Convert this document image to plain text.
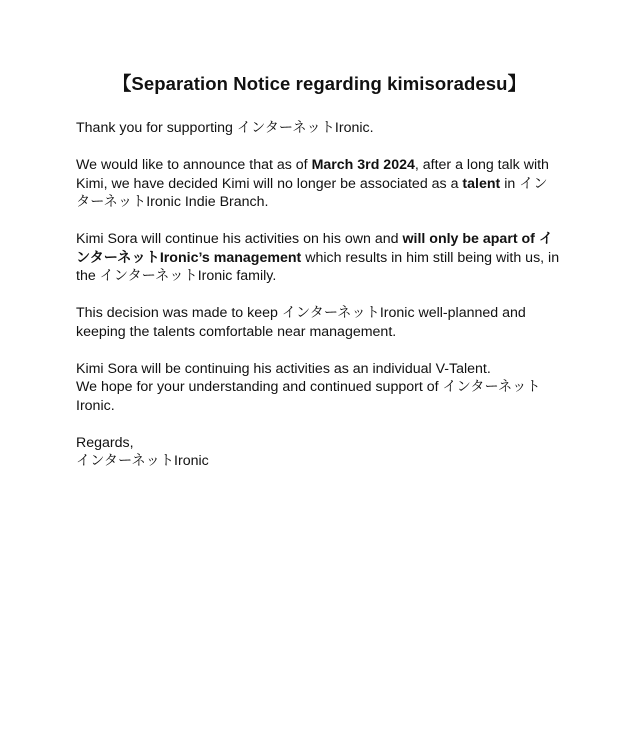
【Separation Notice regarding kimisoradesu】

Thank you for supporting インターネットIronic.

We would like to announce that as of March 3rd 2024, after a long talk with Kimi, we have decided Kimi will no longer be associated as a talent in インターネットIronic Indie Branch.

Kimi Sora will continue his activities on his own and will only be apart of インターネットIronic’s management which results in him still being with us, in the インターネットIronic family.

This decision was made to keep インターネットIronic well-planned and keeping the talents comfortable near management.

Kimi Sora will be continuing his activities as an individual V-Talent.

We hope for your understanding and continued support of インターネットIronic.

Regards,

インターネットIronic
